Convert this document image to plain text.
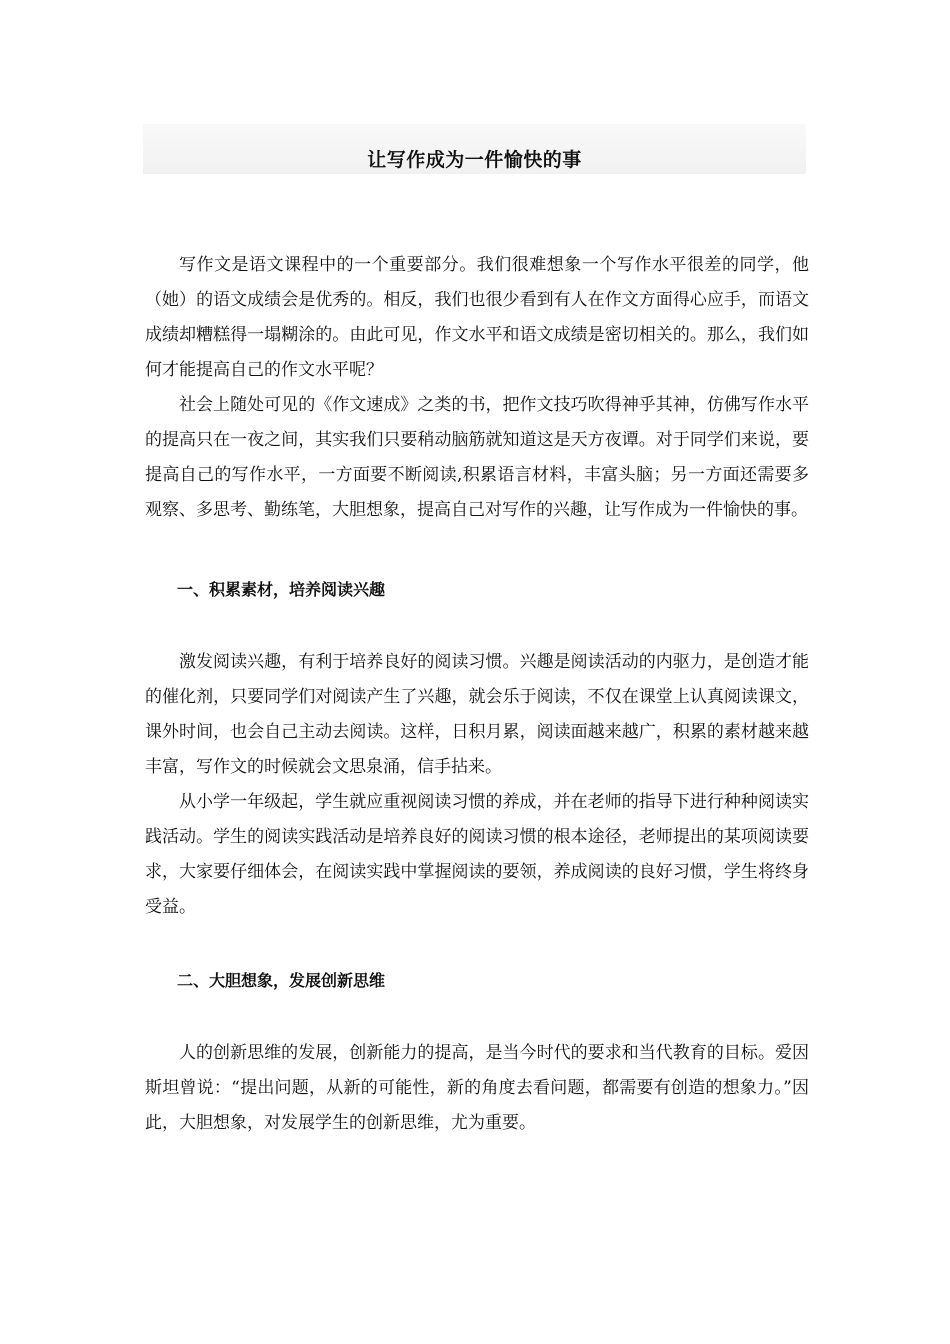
让写作成为一件愉快的事

写作文是语文课程中的一个重要部分。我们很难想象一个写作水平很差的同学，他（她）的语文成绩会是优秀的。相反，我们也很少看到有人在作文方面得心应手，而语文成绩却糟糕得一塌糊涂的。由此可见，作文水平和语文成绩是密切相关的。那么，我们如何才能提高自己的作文水平呢？

社会上随处可见的《作文速成》之类的书，把作文技巧吹得神乎其神，仿佛写作水平的提高只在一夜之间，其实我们只要稍动脑筋就知道这是天方夜谭。对于同学们来说，要提高自己的写作水平，一方面要不断阅读,积累语言材料，丰富头脑；另一方面还需要多观察、多思考、勤练笔，大胆想象，提高自己对写作的兴趣，让写作成为一件愉快的事。

一、积累素材，培养阅读兴趣

激发阅读兴趣，有利于培养良好的阅读习惯。兴趣是阅读活动的内驱力，是创造才能的催化剂，只要同学们对阅读产生了兴趣，就会乐于阅读，不仅在课堂上认真阅读课文，课外时间，也会自己主动去阅读。这样，日积月累，阅读面越来越广，积累的素材越来越丰富，写作文的时候就会文思泉涌，信手拈来。

从小学一年级起，学生就应重视阅读习惯的养成，并在老师的指导下进行种种阅读实践活动。学生的阅读实践活动是培养良好的阅读习惯的根本途径，老师提出的某项阅读要求，大家要仔细体会，在阅读实践中掌握阅读的要领，养成阅读的良好习惯，学生将终身受益。

二、大胆想象，发展创新思维

人的创新思维的发展，创新能力的提高，是当今时代的要求和当代教育的目标。爱因斯坦曾说：“提出问题，从新的可能性，新的角度去看问题，都需要有创造的想象力。”因此，大胆想象，对发展学生的创新思维，尤为重要。
